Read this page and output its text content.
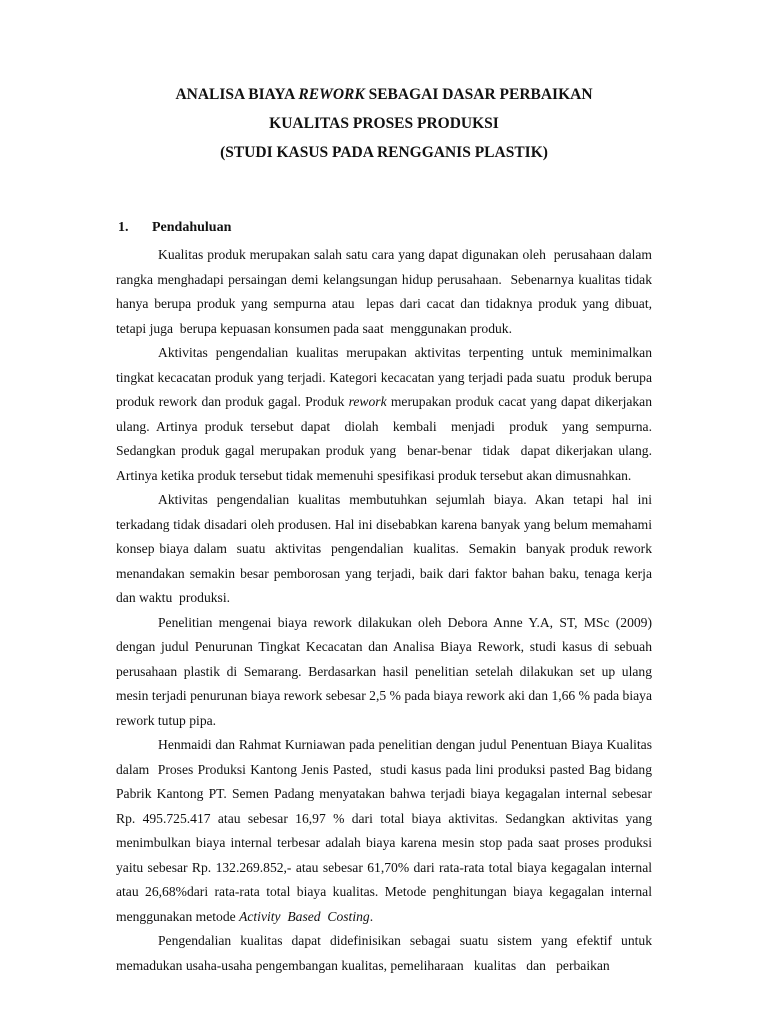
ANALISA BIAYA REWORK SEBAGAI DASAR PERBAIKAN
KUALITAS PROSES PRODUKSI
(STUDI KASUS PADA RENGGANIS PLASTIK)
1. Pendahuluan

Kualitas produk merupakan salah satu cara yang dapat digunakan oleh  perusahaan dalam rangka menghadapi persaingan demi kelangsungan hidup perusahaan.  Sebenarnya kualitas tidak hanya berupa produk yang sempurna atau  lepas dari cacat dan tidaknya produk yang dibuat,  tetapi juga  berupa kepuasan konsumen pada saat  menggunakan produk.

Aktivitas pengendalian kualitas merupakan aktivitas terpenting untuk meminimalkan tingkat kecacatan produk yang terjadi. Kategori kecacatan yang terjadi pada suatu  produk berupa produk rework dan produk gagal. Produk rework merupakan produk cacat yang dapat dikerjakan ulang. Artinya produk tersebut dapat  diolah  kembali  menjadi  produk  yang sempurna. Sedangkan produk gagal merupakan produk yang  benar-benar  tidak  dapat dikerjakan ulang. Artinya ketika produk tersebut tidak memenuhi spesifikasi produk tersebut akan dimusnahkan.

Aktivitas pengendalian kualitas membutuhkan sejumlah biaya. Akan tetapi hal ini terkadang tidak disadari oleh produsen. Hal ini disebabkan karena banyak yang belum memahami konsep biaya dalam  suatu  aktivitas  pengendalian  kualitas.  Semakin  banyak produk rework menandakan semakin besar pemborosan yang terjadi, baik dari faktor bahan baku, tenaga kerja dan waktu  produksi.

Penelitian mengenai biaya rework dilakukan oleh Debora Anne Y.A, ST, MSc (2009) dengan judul Penurunan Tingkat Kecacatan dan Analisa Biaya Rework, studi kasus di sebuah perusahaan plastik di Semarang. Berdasarkan hasil penelitian setelah dilakukan set up ulang mesin terjadi penurunan biaya rework sebesar 2,5 % pada biaya rework aki dan 1,66 % pada biaya  rework tutup pipa.

Henmaidi dan Rahmat Kurniawan pada penelitian dengan judul Penentuan Biaya Kualitas dalam  Proses Produksi Kantong Jenis Pasted,  studi kasus pada lini produksi pasted Bag bidang Pabrik Kantong PT. Semen Padang menyatakan bahwa terjadi biaya kegagalan internal sebesar Rp. 495.725.417 atau sebesar 16,97 % dari total biaya aktivitas. Sedangkan aktivitas yang menimbulkan biaya internal terbesar adalah biaya karena mesin stop pada saat proses produksi yaitu sebesar Rp. 132.269.852,- atau sebesar 61,70% dari rata-rata total biaya kegagalan internal atau 26,68%dari rata-rata total biaya kualitas. Metode penghitungan biaya kegagalan internal menggunakan metode Activity  Based  Costing.

Pengendalian kualitas dapat didefinisikan sebagai suatu sistem yang efektif untuk memadukan usaha-usaha pengembangan kualitas, pemeliharaan   kualitas   dan   perbaikan
